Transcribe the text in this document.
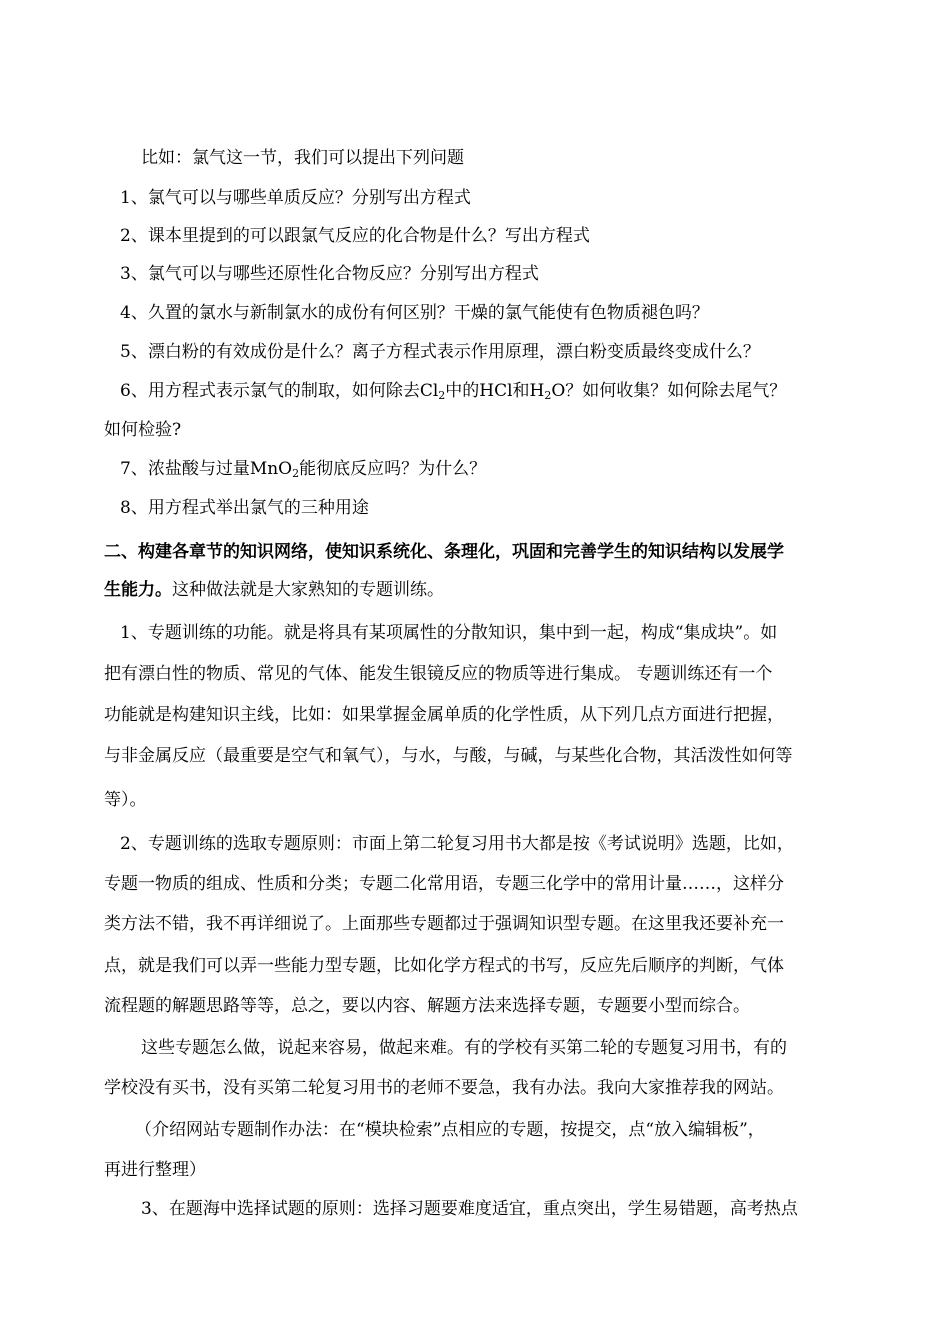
比如：氯气这一节，我们可以提出下列问题
1、氯气可以与哪些单质反应？分别写出方程式
2、课本里提到的可以跟氯气反应的化合物是什么？写出方程式
3、氯气可以与哪些还原性化合物反应？分别写出方程式
4、久置的氯水与新制氯水的成份有何区别？干燥的氯气能使有色物质褪色吗？
5、漂白粉的有效成份是什么？离子方程式表示作用原理，漂白粉变质最终变成什么？
6、用方程式表示氯气的制取，如何除去$Cl_2$中的HCl和$H_2O$？如何收集？如何除去尾气？
如何检验?
7、浓盐酸与过量MnO$_2$能彻底反应吗？为什么？
8、用方程式举出氯气的三种用途
二、构建各章节的知识网络，使知识系统化、条理化，巩固和完善学生的知识结构以发展学
生能力。这种做法就是大家熟知的专题训练。
1、专题训练的功能。就是将具有某项属性的分散知识，集中到一起，构成“集成块”。如
把有漂白性的物质、常见的气体、能发生银镜反应的物质等进行集成。 专题训练还有一个
功能就是构建知识主线，比如：如果掌握金属单质的化学性质，从下列几点方面进行把握，
与非金属反应（最重要是空气和氧气），与水，与酸，与碱，与某些化合物，其活泼性如何等
等）。
2、专题训练的选取专题原则：市面上第二轮复习用书大都是按《考试说明》选题，比如，
专题一物质的组成、性质和分类；专题二化常用语，专题三化学中的常用计量……，这样分
类方法不错，我不再详细说了。上面那些专题都过于强调知识型专题。在这里我还要补充一
点，就是我们可以弄一些能力型专题，比如化学方程式的书写，反应先后顺序的判断，气体
流程题的解题思路等等，总之，要以内容、解题方法来选择专题，专题要小型而综合。
这些专题怎么做，说起来容易，做起来难。有的学校有买第二轮的专题复习用书，有的
学校没有买书，没有买第二轮复习用书的老师不要急，我有办法。我向大家推荐我的网站。
（介绍网站专题制作办法：在“模块检索”点相应的专题，按提交，点“放入编辑板”，
再进行整理）
3、在题海中选择试题的原则：选择习题要难度适宜，重点突出，学生易错题，高考热点
